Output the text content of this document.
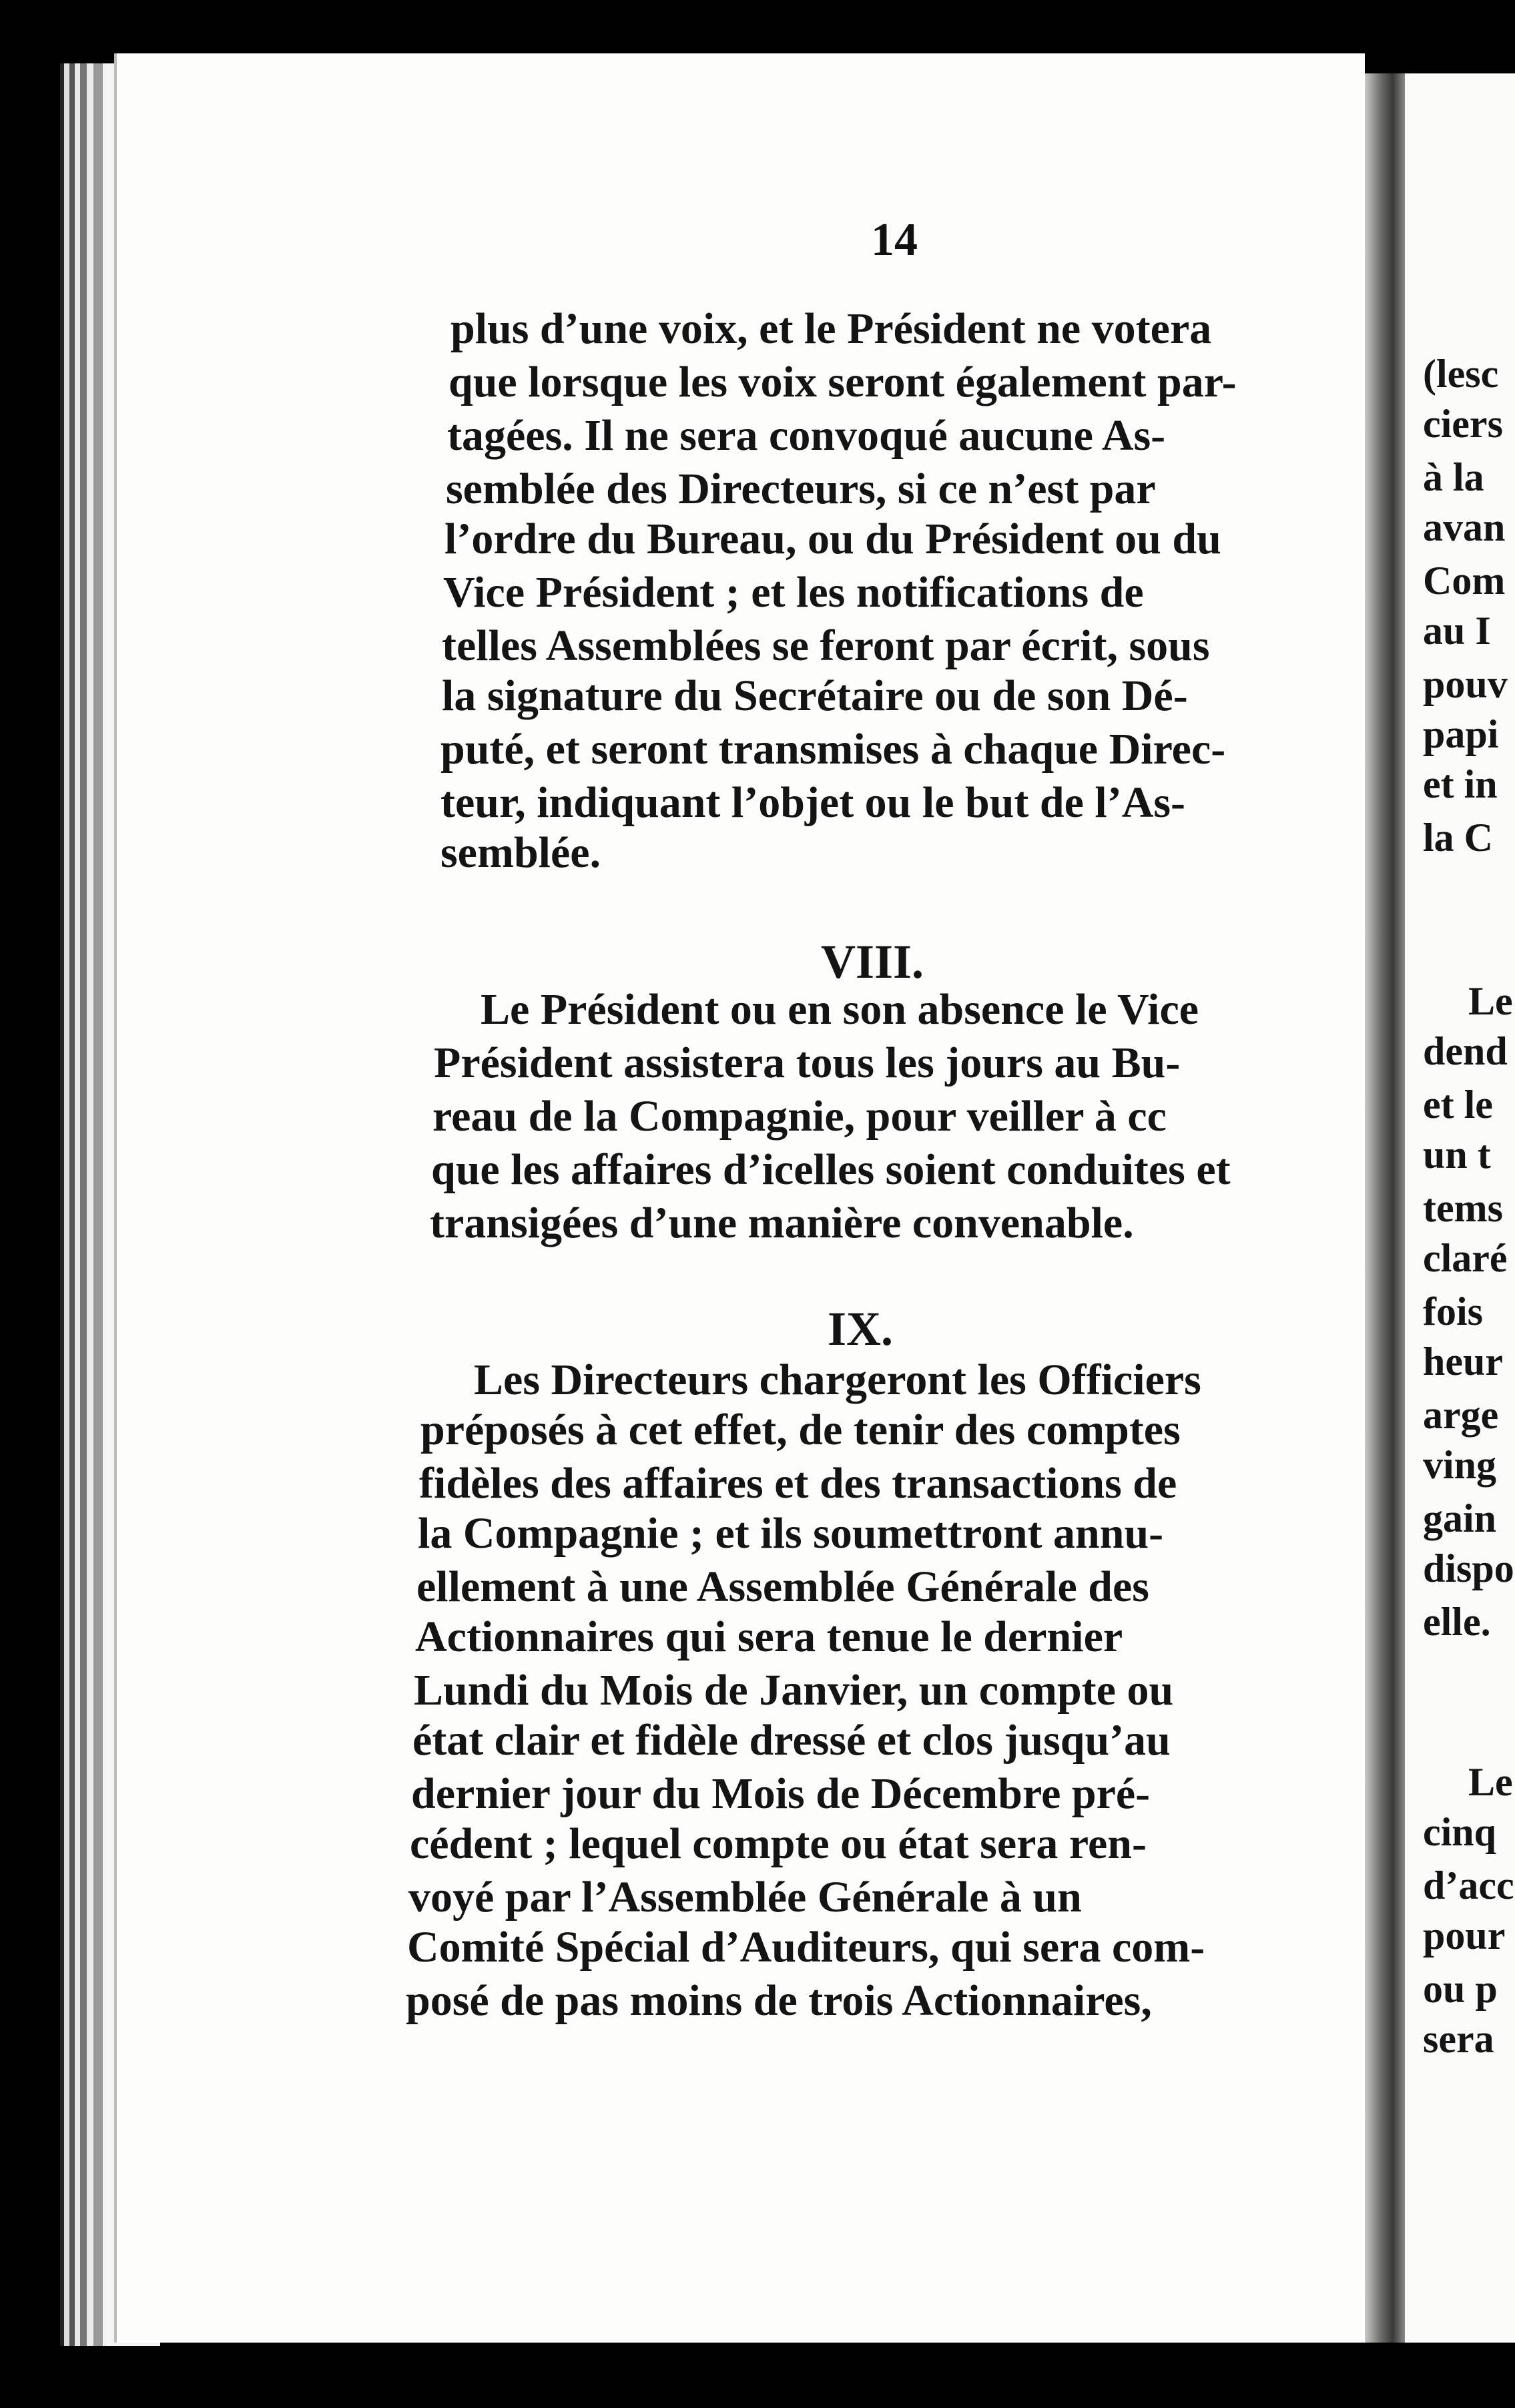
14
plus d’une voix, et le Président ne votera
que lorsque les voix seront également par-
tagées. Il ne sera convoqué aucune As-
semblée des Directeurs, si ce n’est par
l’ordre du Bureau, ou du Président ou du
Vice Président ; et les notifications de
telles Assemblées se feront par écrit, sous
la signature du Secrétaire ou de son Dé-
puté, et seront transmises à chaque Direc-
teur, indiquant l’objet ou le but de l’As-
semblée.
VIII.
Le Président ou en son absence le Vice
Président assistera tous les jours au Bu-
reau de la Compagnie, pour veiller à cc
que les affaires d’icelles soient conduites et
transigées d’une manière convenable.
IX.
Les Directeurs chargeront les Officiers
préposés à cet effet, de tenir des comptes
fidèles des affaires et des transactions de
la Compagnie ; et ils soumettront annu-
ellement à une Assemblée Générale des
Actionnaires qui sera tenue le dernier
Lundi du Mois de Janvier, un compte ou
état clair et fidèle dressé et clos jusqu’au
dernier jour du Mois de Décembre pré-
cédent ; lequel compte ou état sera ren-
voyé par l’Assemblée Générale à un
Comité Spécial d’Auditeurs, qui sera com-
posé de pas moins de trois Actionnaires,
(lesc
ciers
à la
avan
Com
au I
pouv
papi
et in
la C
Le
dend
et le
un t
tems
claré
fois
heur
arge
ving
gain
dispo
elle.
Le
cinq
d’acc
pour
ou p
sera
